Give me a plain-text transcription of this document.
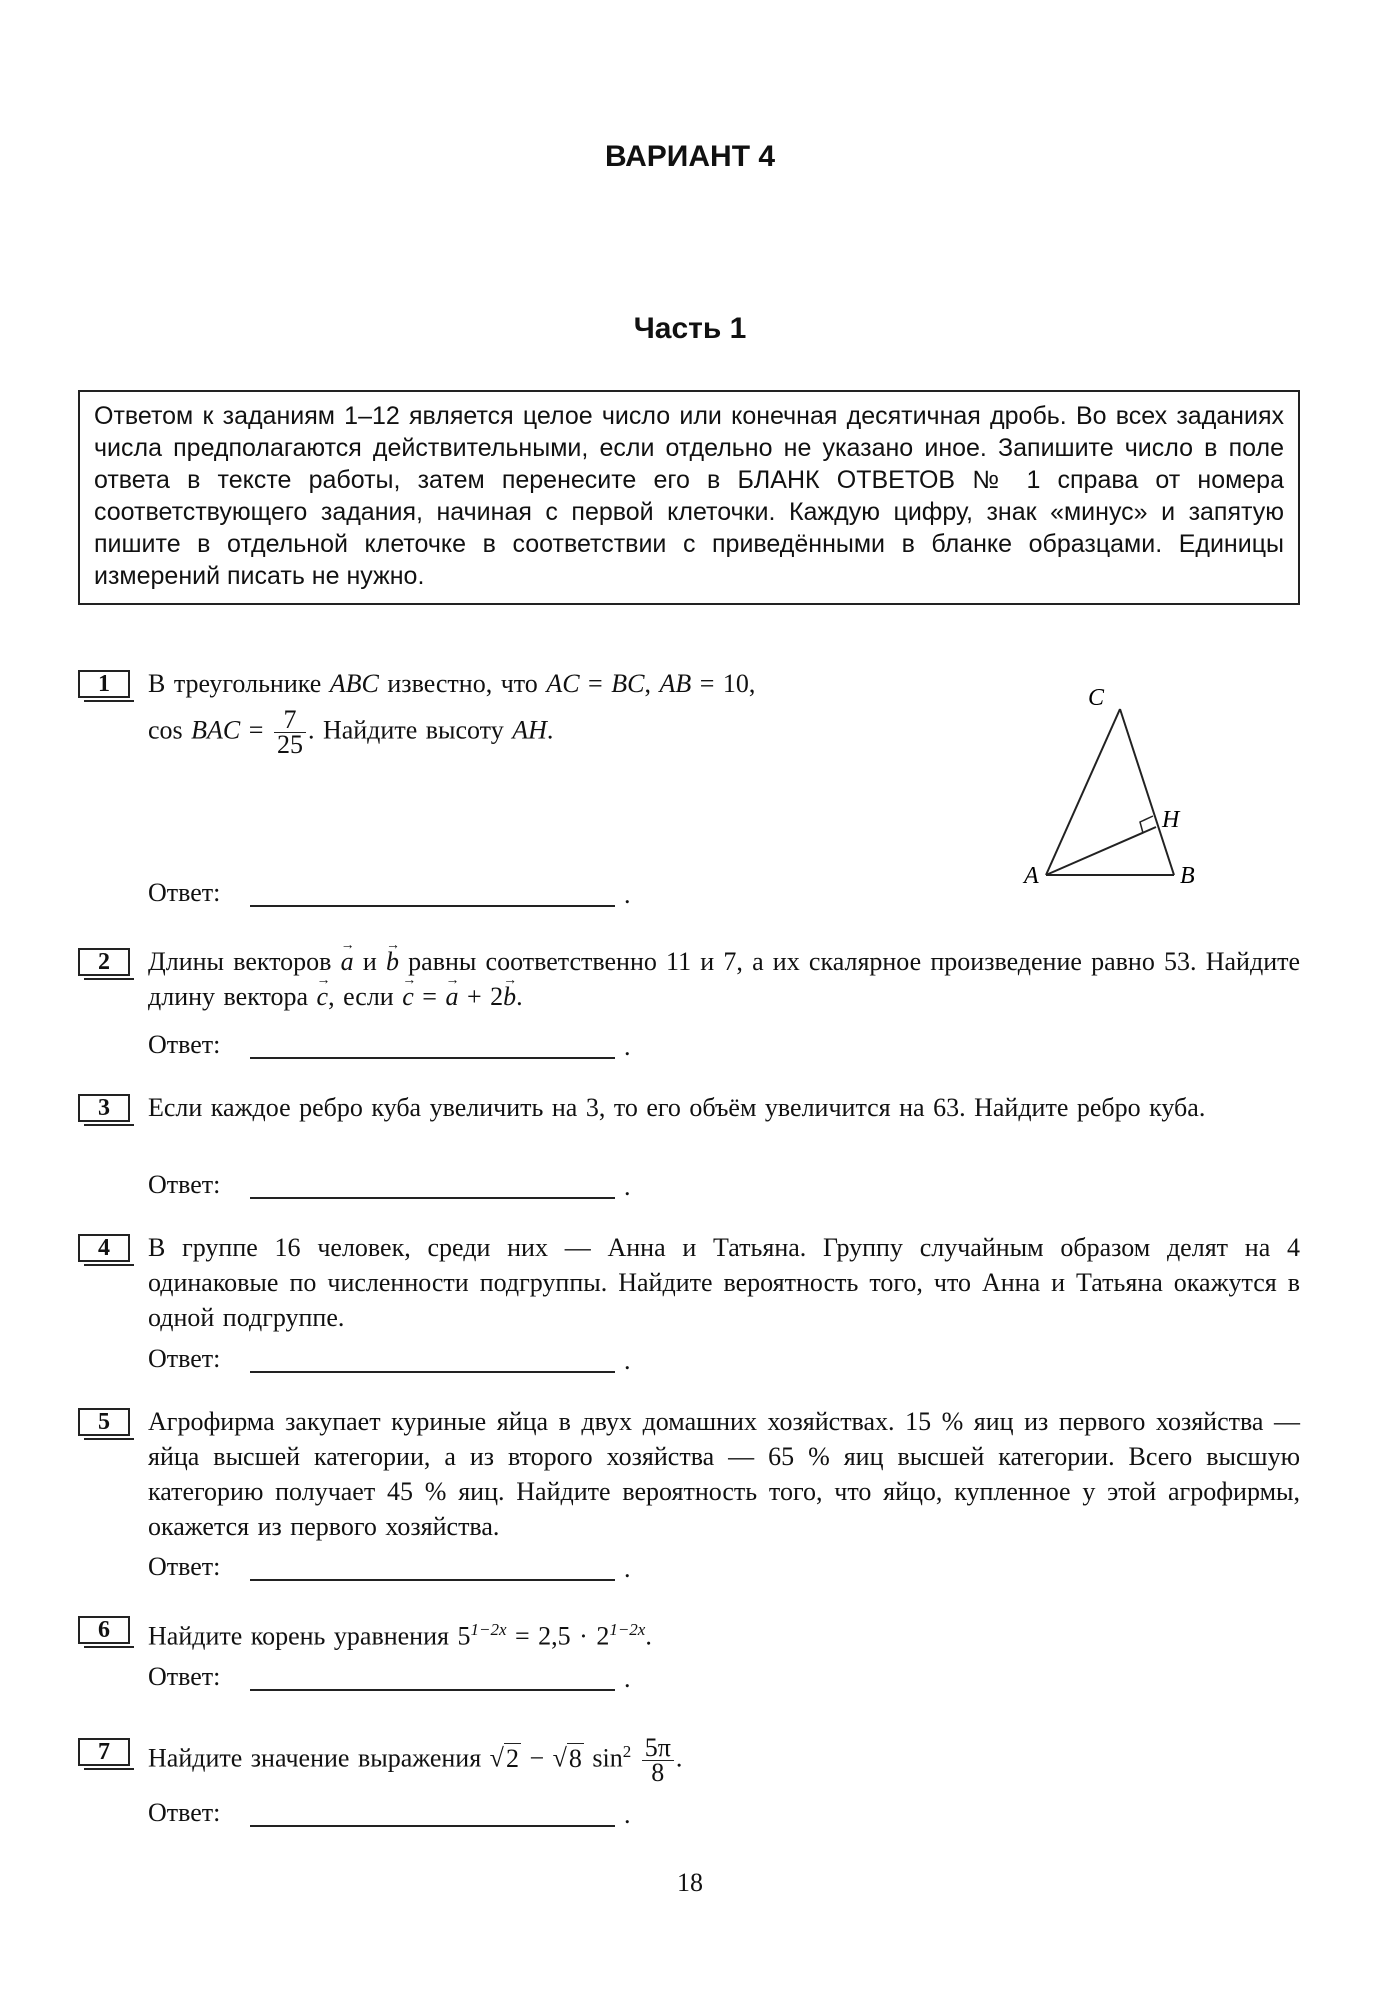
ВАРИАНТ 4
Часть 1
Ответом к заданиям 1–12 является целое число или конечная десятичная дробь. Во всех заданиях числа предполагаются действительными, если отдельно не указано иное. Запишите число в поле ответа в тексте работы, затем перенесите его в БЛАНК ОТВЕТОВ № 1 справа от номера соответствующего задания, начиная с первой клеточки. Каждую цифру, знак «минус» и запятую пишите в отдельной клеточке в соответствии с приведёнными в бланке образцами. Единицы измерений писать не нужно.
1	В треугольнике ABC известно, что AC = BC, AB = 10,
cos BAC = $\frac{7}{25}$ . Найдите высоту AH.
A	B
C
H
Ответ:	.
2	Длины векторов → a и → b равны соответственно 11 и 7, а их скалярное произведение равно 53. Найдите длину вектора → c, если → c = → a + 2→ b.
Ответ:	.
3	Если каждое ребро куба увеличить на 3, то его объём увеличится на 63. Найдите ребро куба.
Ответ:	.
4	В группе 16 человек, среди них — Анна и Татьяна. Группу случайным образом делят на 4 одинаковые по численности подгруппы. Найдите вероятность того, что Анна и Татьяна окажутся в одной подгруппе.
Ответ:	.
5	Агрофирма закупает куриные яйца в двух домашних хозяйствах. 15 % яиц из первого хозяйства — яйца высшей категории, а из второго хозяйства — 65 % яиц высшей категории. Всего высшую категорию получает 45 % яиц. Найдите вероятность того, что яйцо, купленное у этой агрофирмы, окажется из первого хозяйства.
Ответ:	.
6	Найдите корень уравнения $5^{1-2x} = 2,5 \cdot 2^{1-2x}$.
Ответ:	.
7	Найдите значение выражения √2 − √8 $\sin^2 \frac{5\pi}{8}$ .
Ответ:	.
18
